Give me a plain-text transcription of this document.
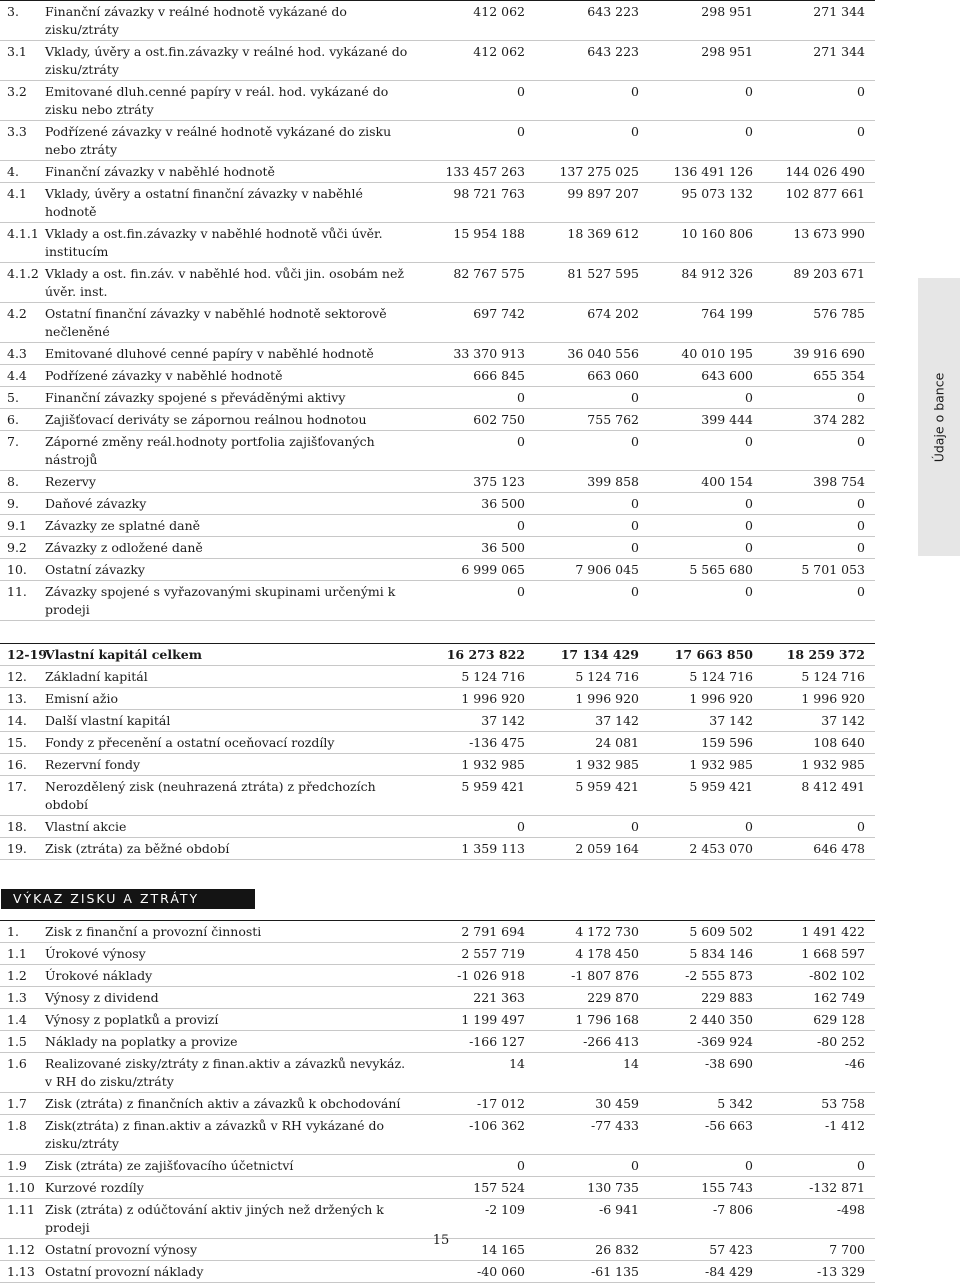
3.	Finanční závazky v reálné hodnotě vykázané do zisku/ztráty	412 062	643 223	298 951	271 344
3.1	Vklady, úvěry a ost.fin.závazky v reálné hod. vykázané do zisku/ztráty	412 062	643 223	298 951	271 344
3.2	Emitované dluh.cenné papíry v reál. hod. vykázané do zisku nebo ztráty	0	0	0	0
3.3	Podřízené závazky v reálné hodnotě vykázané do zisku nebo ztráty	0	0	0	0
4.	Finanční závazky v naběhlé hodnotě	133 457 263	137 275 025	136 491 126	144 026 490
4.1	Vklady, úvěry a ostatní finanční závazky v naběhlé hodnotě	98 721 763	99 897 207	95 073 132	102 877 661
4.1.1	Vklady a ost.fin.závazky v naběhlé hodnotě vůči úvěr. institucím	15 954 188	18 369 612	10 160 806	13 673 990
4.1.2	Vklady a ost. fin.záv. v naběhlé hod. vůči jin. osobám než úvěr. inst.	82 767 575	81 527 595	84 912 326	89 203 671
4.2	Ostatní finanční závazky v naběhlé hodnotě sektorově nečleněné	697 742	674 202	764 199	576 785
4.3	Emitované dluhové cenné papíry v naběhlé hodnotě	33 370 913	36 040 556	40 010 195	39 916 690
4.4	Podřízené závazky v naběhlé hodnotě	666 845	663 060	643 600	655 354
5.	Finanční závazky spojené s převáděnými aktivy	0	0	0	0
6.	Zajišťovací deriváty se zápornou reálnou hodnotou	602 750	755 762	399 444	374 282
7.	Záporné změny reál.hodnoty portfolia zajišťovaných nástrojů	0	0	0	0
8.	Rezervy	375 123	399 858	400 154	398 754
9.	Daňové závazky	36 500	0	0	0
9.1	Závazky ze splatné daně	0	0	0	0
9.2	Závazky z odložené daně	36 500	0	0	0
10.	Ostatní závazky	6 999 065	7 906 045	5 565 680	5 701 053
11.	Závazky spojené s vyřazovanými skupinami určenými k prodeji	0	0	0	0
12-19	Vlastní kapitál celkem	16 273 822	17 134 429	17 663 850	18 259 372
12.	Základní kapitál	5 124 716	5 124 716	5 124 716	5 124 716
13.	Emisní ažio	1 996 920	1 996 920	1 996 920	1 996 920
14.	Další vlastní kapitál	37 142	37 142	37 142	37 142
15.	Fondy z přecenění a ostatní oceňovací rozdíly	-136 475	24 081	159 596	108 640
16.	Rezervní fondy	1 932 985	1 932 985	1 932 985	1 932 985
17.	Nerozdělený zisk (neuhrazená ztráta) z předchozích období	5 959 421	5 959 421	5 959 421	8 412 491
18.	Vlastní akcie	0	0	0	0
19.	Zisk (ztráta) za běžné období	1 359 113	2 059 164	2 453 070	646 478
VÝKAZ ZISKU A ZTRÁTY
1.	Zisk z finanční a provozní činnosti	2 791 694	4 172 730	5 609 502	1 491 422
1.1	Úrokové výnosy	2 557 719	4 178 450	5 834 146	1 668 597
1.2	Úrokové náklady	-1 026 918	-1 807 876	-2 555 873	-802 102
1.3	Výnosy z dividend	221 363	229 870	229 883	162 749
1.4	Výnosy z poplatků a provizí	1 199 497	1 796 168	2 440 350	629 128
1.5	Náklady na poplatky a provize	-166 127	-266 413	-369 924	-80 252
1.6	Realizované zisky/ztráty z finan.aktiv a závazků nevykáz. v RH do zisku/ztráty	14	14	-38 690	-46
1.7	Zisk (ztráta) z finančních aktiv a závazků k obchodování	-17 012	30 459	5 342	53 758
1.8	Zisk(ztráta) z finan.aktiv a závazků v RH vykázané do zisku/ztráty	-106 362	-77 433	-56 663	-1 412
1.9	Zisk (ztráta) ze zajišťovacího účetnictví	0	0	0	0
1.10	Kurzové rozdíly	157 524	130 735	155 743	-132 871
1.11	Zisk (ztráta) z odúčtování aktiv jiných než držených k prodeji	-2 109	-6 941	-7 806	-498
1.12	Ostatní provozní výnosy	14 165	26 832	57 423	7 700
1.13	Ostatní provozní náklady	-40 060	-61 135	-84 429	-13 329
Údaje o bance
15
